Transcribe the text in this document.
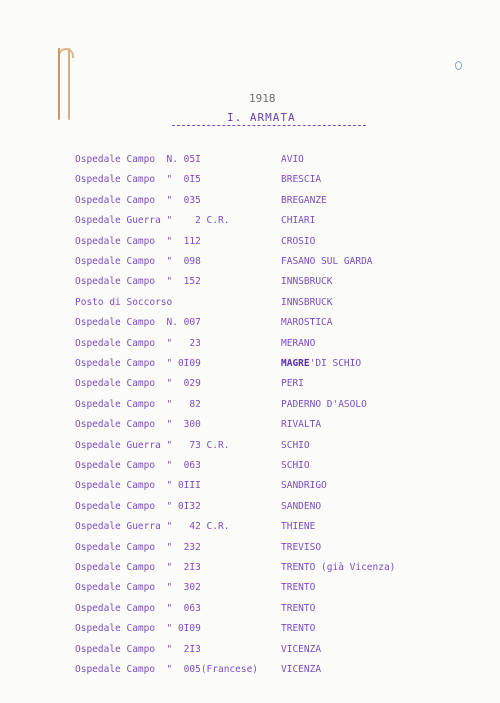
1918

I. ARMATA
Ospedale Campo  N. 05I	AVIO
Ospedale Campo  "  0I5	BRESCIA
Ospedale Campo  "  035	BREGANZE
Ospedale Guerra "    2 C.R.	CHIARI
Ospedale Campo  "  112	CROSIO
Ospedale Campo  "  098	FASANO SUL GARDA
Ospedale Campo  "  152	INNSBRUCK
Posto di Soccorso	INNSBRUCK
Ospedale Campo  N. 007	MAROSTICA
Ospedale Campo  "   23	MERANO
Ospedale Campo  " 0I09	MAGRE'DI SCHIO
Ospedale Campo  "  029	PERI
Ospedale Campo  "   82	PADERNO D'ASOLO
Ospedale Campo  "  300	RIVALTA
Ospedale Guerra "   73 C.R.	SCHIO
Ospedale Campo  "  063	SCHIO
Ospedale Campo  " 0III	SANDRIGO
Ospedale Campo  " 0I32	SANDENO
Ospedale Guerra "   42 C.R.	THIENE
Ospedale Campo  "  232	TREVISO
Ospedale Campo  "  2I3	TRENTO (già Vicenza)
Ospedale Campo  "  302	TRENTO
Ospedale Campo  "  063	TRENTO
Ospedale Campo  " 0I09	TRENTO
Ospedale Campo  "  2I3	VICENZA
Ospedale Campo  "  005(Francese) VICENZA
